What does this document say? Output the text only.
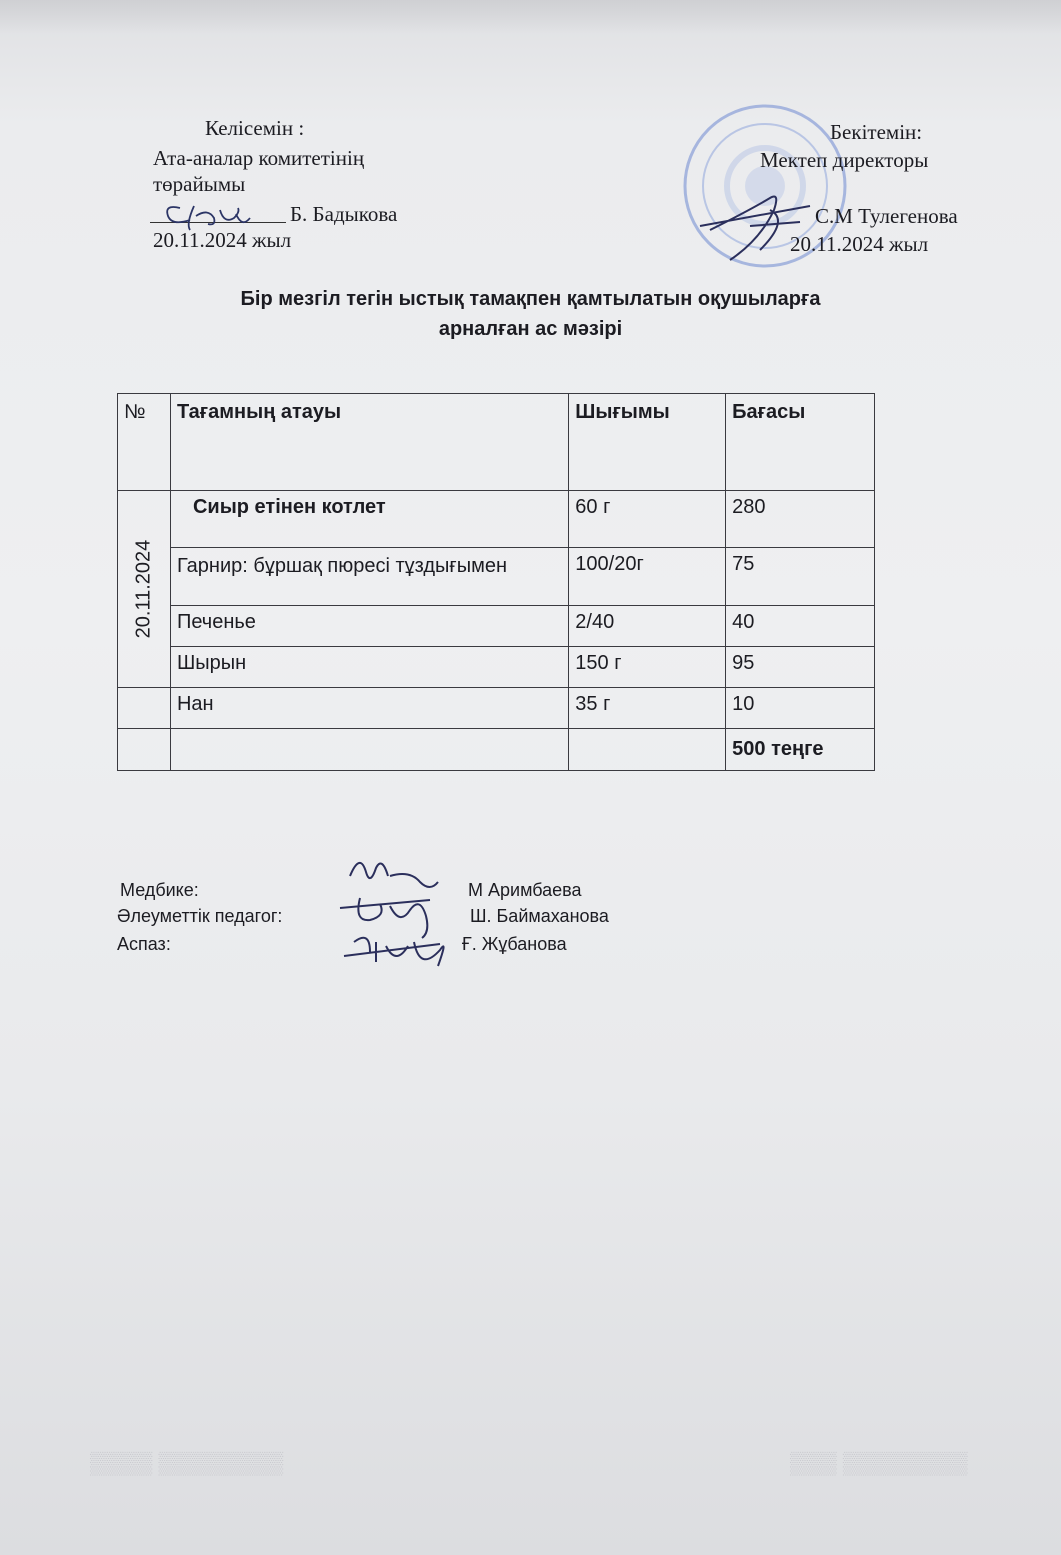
Келісемін :
Ата-аналар комитетінің
төрайымы
Б. Бадыкова
20.11.2024 жыл
Бекітемін:
Мектеп директоры
С.М Тулегенова
20.11.2024 жыл
Бір мезгіл тегін ыстық тамақпен қамтылатын оқушыларға
арналған ас мәзірі
№	Тағамның атауы	Шығымы	Бағасы

20.11.2024	Сиыр етінен котлет	60 г	280
	Гарнир: бұршақ пюресі тұздығымен	100/20г	75
	Печенье	2/40	40
	Шырын	150 г	95
	Нан	35 г	10
			500 теңге
Медбике:	М Аримбаева
Әлеуметтік педагог:	Ш. Баймаханова
Аспаз:	Ғ. Жұбанова
▒▒▒▒ ▒▒▒▒▒▒▒▒	▒▒▒ ▒▒▒▒▒▒▒▒
